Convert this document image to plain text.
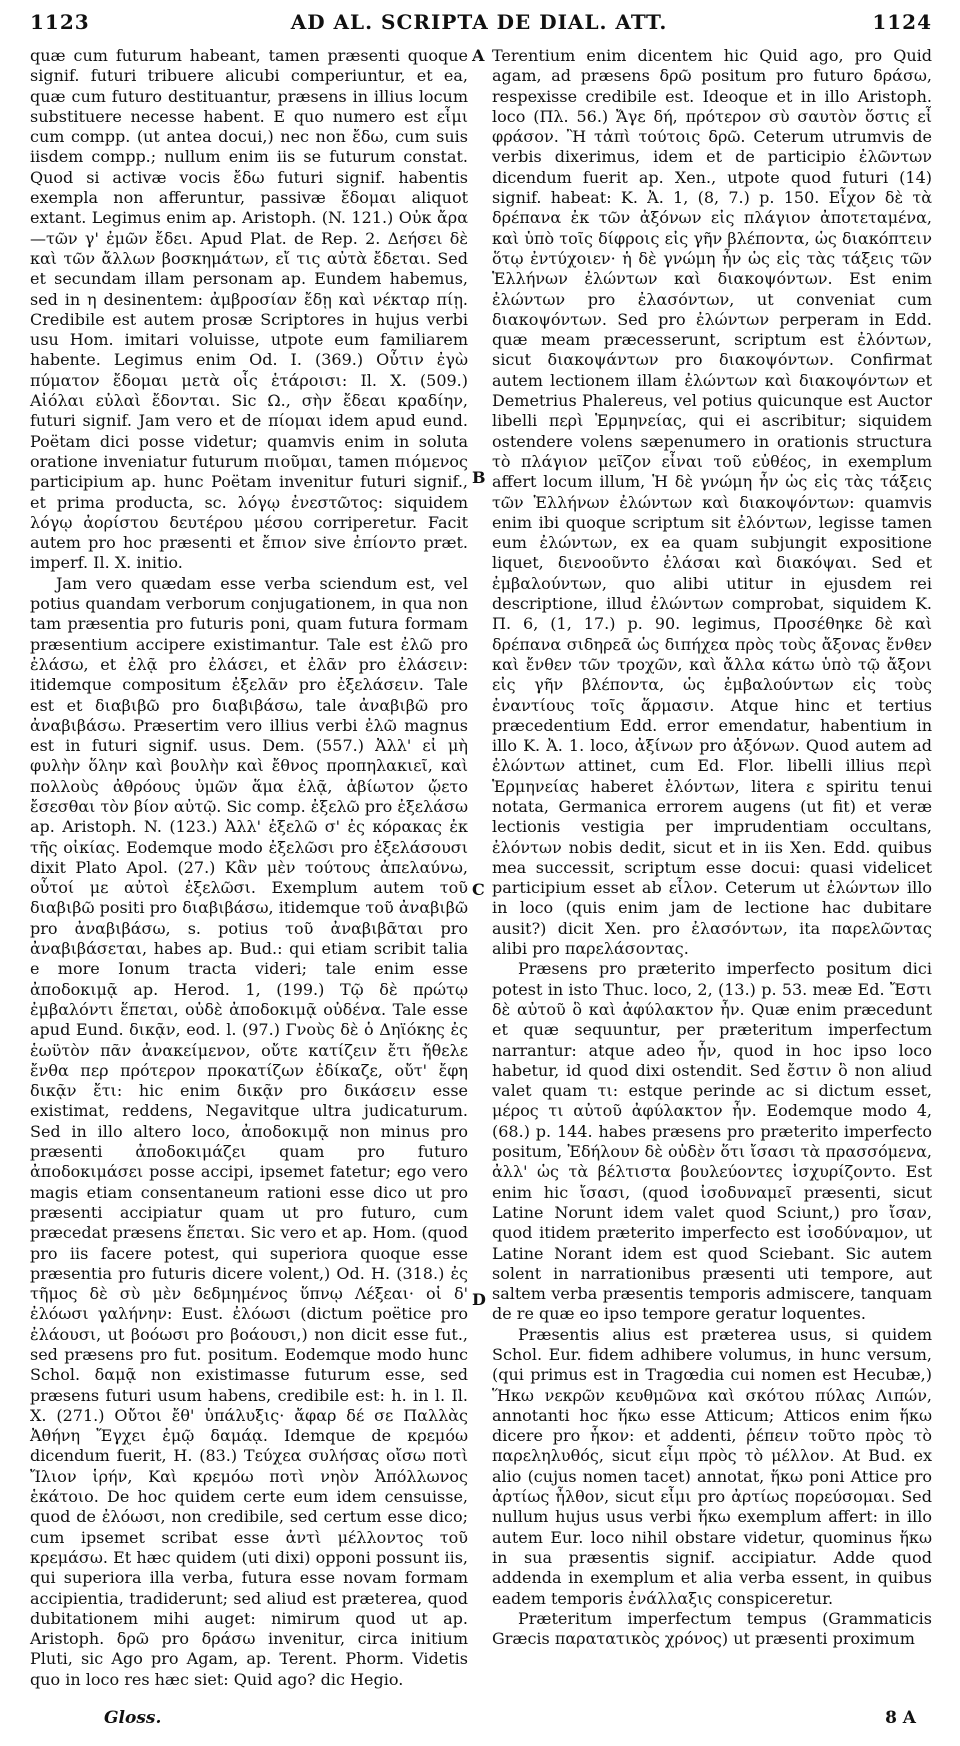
1123	AD AL. SCRIPTA DE DIAL. ATT.	1124

quæ cum futurum habeant, tamen præsenti quoque signif. futuri tribuere alicubi comperiuntur, et ea, quæ cum futuro destituantur, præsens in illius locum substituere necesse habent. E quo numero est εἶμι cum compp. (ut antea docui,) nec non ἔδω, cum suis iisdem compp.; nullum enim iis se futurum constat. Quod si activæ vocis ἔδω futuri signif. habentis exempla non afferuntur, passivæ ἔδομαι aliquot extant. Legimus enim ap. Aristoph. (N. 121.) Οὐκ ἄρα—τῶν γ' ἐμῶν ἔδει. Apud Plat. de Rep. 2. Δεήσει δὲ καὶ τῶν ἄλλων βοσκημάτων, εἴ τις αὐτὰ ἔδεται. Sed et secundam illam personam ap. Eundem habemus, sed in η desinentem: ἀμβροσίαν ἔδῃ καὶ νέκταρ πίῃ. Credibile est autem prosæ Scriptores in hujus verbi usu Hom. imitari voluisse, utpote eum familiarem habente. Legimus enim Od. I. (369.) Οὖτιν ἐγὼ πύματον ἔδομαι μετὰ οἷς ἑτάροισι: Il. X. (509.) Αἰόλαι εὐλαὶ ἔδονται. Sic Ω., σὴν ἔδεαι κραδίην, futuri signif. Jam vero et de πίομαι idem apud eund. Poëtam dici posse videtur; quamvis enim in soluta oratione inveniatur futurum πιοῦμαι, tamen πιόμενος participium ap. hunc Poëtam invenitur futuri signif., et prima producta, sc. λόγῳ ἐνεστῶτος: siquidem λόγῳ ἀορίστου δευτέρου μέσου corriperetur. Facit autem pro hoc præsenti et ἔπιον sive ἐπίοντο præt. imperf. Il. X. initio.

Jam vero quædam esse verba sciendum est, vel potius quandam verborum conjugationem, in qua non tam præsentia pro futuris poni, quam futura formam præsentium accipere existimantur. Tale est ἐλῶ pro ἐλάσω, et ἐλᾷ pro ἐλάσει, et ἐλᾶν pro ἐλάσειν: itidemque compositum ἐξελᾶν pro ἐξελάσειν. Tale est et διαβιβῶ pro διαβιβάσω, tale ἀναβιβῶ pro ἀναβιβάσω. Præsertim vero illius verbi ἐλῶ magnus est in futuri signif. usus. Dem. (557.) Ἀλλ' εἰ μὴ φυλὴν ὅλην καὶ βουλὴν καὶ ἔθνος προπηλακιεῖ, καὶ πολλοὺς ἀθρόους ὑμῶν ἅμα ἐλᾷ, ἀβίωτον ᾤετο ἔσεσθαι τὸν βίον αὐτῷ. Sic comp. ἐξελῶ pro ἐξελάσω ap. Aristoph. N. (123.) Ἀλλ' ἐξελῶ σ' ἐς κόρακας ἐκ τῆς οἰκίας. Eodemque modo ἐξελῶσι pro ἐξελάσουσι dixit Plato Apol. (27.) Κἂν μὲν τούτους ἀπελαύνω, οὗτοί με αὐτοὶ ἐξελῶσι. Exemplum autem τοῦ διαβιβῶ positi pro διαβιβάσω, itidemque τοῦ ἀναβιβῶ pro ἀναβιβάσω, s. potius τοῦ ἀναβιβᾶται pro ἀναβιβάσεται, habes ap. Bud.: qui etiam scribit talia e more Ionum tracta videri; tale enim esse ἀποδοκιμᾷ ap. Herod. 1, (199.) Τῷ δὲ πρώτῳ ἐμβαλόντι ἕπεται, οὐδὲ ἀποδοκιμᾷ οὐδένα. Tale esse apud Eund. δικᾷν, eod. l. (97.) Γνοὺς δὲ ὁ Δηϊόκης ἐς ἑωϋτὸν πᾶν ἀνακείμενον, οὔτε κατίζειν ἔτι ἤθελε ἔνθα περ πρότερον προκατίζων ἐδίκαζε, οὔτ' ἔφη δικᾷν ἔτι: hic enim δικᾷν pro δικάσειν esse existimat, reddens, Negavitque ultra judicaturum. Sed in illo altero loco, ἀποδοκιμᾷ non minus pro præsenti ἀποδοκιμάζει quam pro futuro ἀποδοκιμάσει posse accipi, ipsemet fatetur; ego vero magis etiam consentaneum rationi esse dico ut pro præsenti accipiatur quam ut pro futuro, cum præcedat præsens ἕπεται. Sic vero et ap. Hom. (quod pro iis facere potest, qui superiora quoque esse præsentia pro futuris dicere volent,) Od. H. (318.) ἐς τῆμος δὲ σὺ μὲν δεδμημένος ὕπνῳ Λέξεαι· οἱ δ' ἐλόωσι γαλήνην: Eust. ἐλόωσι (dictum poëtice pro ἐλάουσι, ut βοόωσι pro βοάουσι,) non dicit esse fut., sed præsens pro fut. positum. Eodemque modo hunc Schol. δαμᾷ non existimasse futurum esse, sed præsens futuri usum habens, credibile est: h. in l. Il. X. (271.) Οὔτοι ἔθ' ὑπάλυξις· ἄφαρ δέ σε Παλλὰς Ἀθήνη Ἔγχει ἐμῷ δαμάᾳ. Idemque de κρεμόω dicendum fuerit, H. (83.) Τεύχεα συλήσας οἴσω ποτὶ Ἴλιον ἱρήν, Καὶ κρεμόω ποτὶ νηὸν Ἀπόλλωνος ἑκάτοιο. De hoc quidem certe eum idem censuisse, quod de ἐλόωσι, non credibile, sed certum esse dico; cum ipsemet scribat esse ἀντὶ μέλλοντος τοῦ κρεμάσω. Et hæc quidem (uti dixi) opponi possunt iis, qui superiora illa verba, futura esse novam formam accipientia, tradiderunt; sed aliud est præterea, quod dubitationem mihi auget: nimirum quod ut ap. Aristoph. δρῶ pro δράσω invenitur, circa initium Pluti, sic Ago pro Agam, ap. Terent. Phorm. Videtis quo in loco res hæc siet: Quid ago? dic Hegio.

A
B
C
D

Terentium enim dicentem hic Quid ago, pro Quid agam, ad præsens δρῶ positum pro futuro δράσω, respexisse credibile est. Ideoque et in illo Aristoph. loco (Πλ. 56.) Ἄγε δή, πρότερον σὺ σαυτὸν ὅστις εἶ φράσον. Ἢ τἀπὶ τούτοις δρῶ. Ceterum utrumvis de verbis dixerimus, idem et de participio ἐλῶντων dicendum fuerit ap. Xen., utpote quod futuri (14) signif. habeat: K. Ἀ. 1, (8, 7.) p. 150. Εἶχον δὲ τὰ δρέπανα ἐκ τῶν ἀξόνων εἰς πλάγιον ἀποτεταμένα, καὶ ὑπὸ τοῖς δίφροις εἰς γῆν βλέποντα, ὡς διακόπτειν ὅτῳ ἐντύχοιεν· ἡ δὲ γνώμη ἦν ὡς εἰς τὰς τάξεις τῶν Ἑλλήνων ἐλώντων καὶ διακοψόντων. Est enim ἐλώντων pro ἐλασόντων, ut conveniat cum διακοψόντων. Sed pro ἐλώντων perperam in Edd. quæ meam præcesserunt, scriptum est ἐλόντων, sicut διακοψάντων pro διακοψόντων. Confirmat autem lectionem illam ἐλώντων καὶ διακοψόντων et Demetrius Phalereus, vel potius quicunque est Auctor libelli περὶ Ἑρμηνείας, qui ei ascribitur; siquidem ostendere volens sæpenumero in orationis structura τὸ πλάγιον μεῖζον εἶναι τοῦ εὐθέος, in exemplum affert locum illum, Ἡ δὲ γνώμη ἦν ὡς εἰς τὰς τάξεις τῶν Ἑλλήνων ἐλώντων καὶ διακοψόντων: quamvis enim ibi quoque scriptum sit ἐλόντων, legisse tamen eum ἐλώντων, ex ea quam subjungit expositione liquet, διενοοῦντο ἐλάσαι καὶ διακόψαι. Sed et ἐμβαλούντων, quo alibi utitur in ejusdem rei descriptione, illud ἐλώντων comprobat, siquidem K. Π. 6, (1, 17.) p. 90. legimus, Προσέθηκε δὲ καὶ δρέπανα σιδηρεᾶ ὡς διπήχεα πρὸς τοὺς ἄξονας ἔνθεν καὶ ἔνθεν τῶν τροχῶν, καὶ ἄλλα κάτω ὑπὸ τῷ ἄξονι εἰς γῆν βλέποντα, ὡς ἐμβαλούντων εἰς τοὺς ἐναντίους τοῖς ἅρμασιν. Atque hinc et tertius præcedentium Edd. error emendatur, habentium in illo K. Ἀ. 1. loco, ἀξίνων pro ἀξόνων. Quod autem ad ἐλώντων attinet, cum Ed. Flor. libelli illius περὶ Ἑρμηνείας haberet ἑλόντων, litera ε spiritu tenui notata, Germanica errorem augens (ut fit) et veræ lectionis vestigia per imprudentiam occultans, ἐλόντων nobis dedit, sicut et in iis Xen. Edd. quibus mea successit, scriptum esse docui: quasi videlicet participium esset ab εἷλον. Ceterum ut ἐλώντων illo in loco (quis enim jam de lectione hac dubitare ausit?) dicit Xen. pro ἐλασόντων, ita παρελῶντας alibi pro παρελάσοντας.

Præsens pro præterito imperfecto positum dici potest in isto Thuc. loco, 2, (13.) p. 53. meæ Ed. Ἔστι δὲ αὐτοῦ ὃ καὶ ἀφύλακτον ἦν. Quæ enim præcedunt et quæ sequuntur, per præteritum imperfectum narrantur: atque adeo ἦν, quod in hoc ipso loco habetur, id quod dixi ostendit. Sed ἔστιν ὃ non aliud valet quam τι: estque perinde ac si dictum esset, μέρος τι αὐτοῦ ἀφύλακτον ἦν. Eodemque modo 4, (68.) p. 144. habes præsens pro præterito imperfecto positum, Ἐδήλουν δὲ οὐδὲν ὅτι ἴσασι τὰ πρασσόμενα, ἀλλ' ὡς τὰ βέλτιστα βουλεύοντες ἰσχυρίζοντο. Est enim hic ἴσασι, (quod ἰσοδυναμεῖ præsenti, sicut Latine Norunt idem valet quod Sciunt,) pro ἴσαν, quod itidem præterito imperfecto est ἰσοδύναμον, ut Latine Norant idem est quod Sciebant. Sic autem solent in narrationibus præsenti uti tempore, aut saltem verba præsentis temporis admiscere, tanquam de re quæ eo ipso tempore geratur loquentes.

Præsentis alius est præterea usus, si quidem Schol. Eur. fidem adhibere volumus, in hunc versum, (qui primus est in Tragœdia cui nomen est Hecubæ,) Ἥκω νεκρῶν κευθμῶνα καὶ σκότου πύλας Λιπών, annotanti hoc ἥκω esse Atticum; Atticos enim ἥκω dicere pro ἧκον: et addenti, ῥέπειν τοῦτο πρὸς τὸ παρεληλυθός, sicut εἶμι πρὸς τὸ μέλλον. At Bud. ex alio (cujus nomen tacet) annotat, ἥκω poni Attice pro ἀρτίως ἦλθον, sicut εἶμι pro ἀρτίως πορεύσομαι. Sed nullum hujus usus verbi ἥκω exemplum affert: in illo autem Eur. loco nihil obstare videtur, quominus ἥκω in sua præsentis signif. accipiatur. Adde quod addenda in exemplum et alia verba essent, in quibus eadem temporis ἐνάλλαξις conspiceretur.

Præteritum imperfectum tempus (Grammaticis Græcis παρατατικὸς χρόνος) ut præsenti proximum

Gloss.	8 A
